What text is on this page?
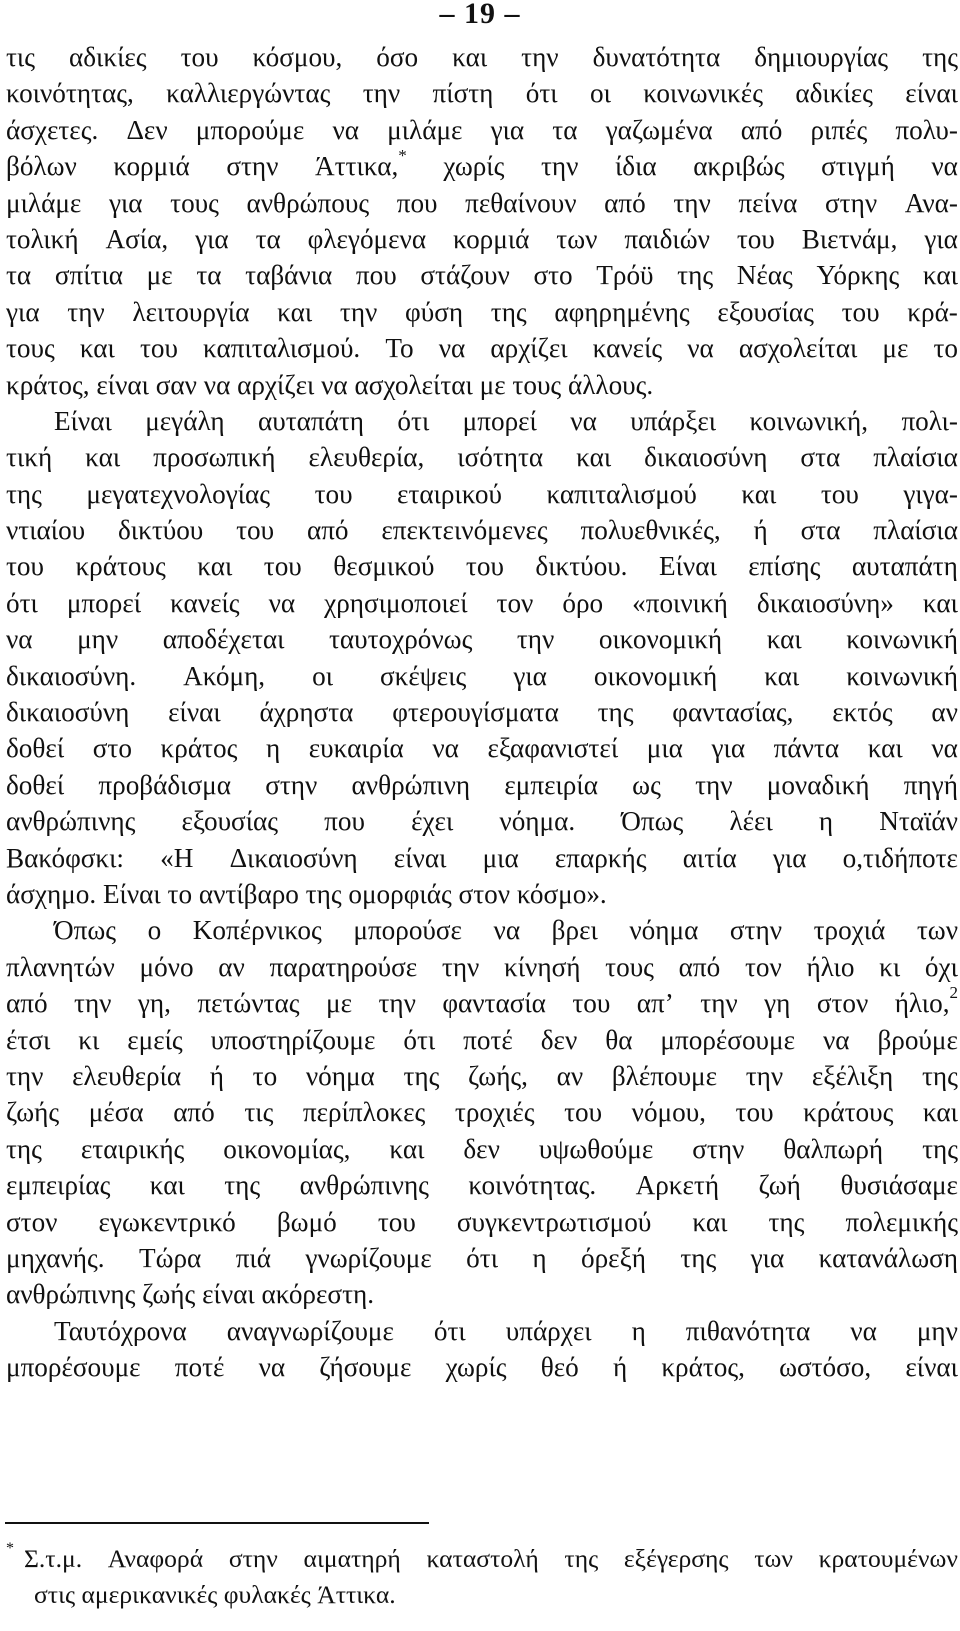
– 19 –
τις αδικίες του κόσμου, όσο και την δυνατότητα δημιουργίας της
κοινότητας, καλλιεργώντας την πίστη ότι οι κοινωνικές αδικίες είναι
άσχετες. Δεν μπορούμε να μιλάμε για τα γαζωμένα από ριπές πολυ-
βόλων κορμιά στην Άττικα,* χωρίς την ίδια ακριβώς στιγμή να
μιλάμε για τους ανθρώπους που πεθαίνουν από την πείνα στην Ανα-
τολική Ασία, για τα φλεγόμενα κορμιά των παιδιών του Βιετνάμ, για
τα σπίτια με τα ταβάνια που στάζουν στο Τρόϋ της Νέας Υόρκης και
για την λειτουργία και την φύση της αφηρημένης εξουσίας του κρά-
τους και του καπιταλισμού. Το να αρχίζει κανείς να ασχολείται με το
κράτος, είναι σαν να αρχίζει να ασχολείται με τους άλλους.
Είναι μεγάλη αυταπάτη ότι μπορεί να υπάρξει κοινωνική, πολι-
τική και προσωπική ελευθερία, ισότητα και δικαιοσύνη στα πλαίσια
της μεγατεχνολογίας του εταιρικού καπιταλισμού και του γιγα-
ντιαίου δικτύου του από επεκτεινόμενες πολυεθνικές, ή στα πλαίσια
του κράτους και του θεσμικού του δικτύου. Είναι επίσης αυταπάτη
ότι μπορεί κανείς να χρησιμοποιεί τον όρο «ποινική δικαιοσύνη» και
να μην αποδέχεται ταυτοχρόνως την οικονομική και κοινωνική
δικαιοσύνη. Ακόμη, οι σκέψεις για οικονομική και κοινωνική
δικαιοσύνη είναι άχρηστα φτερουγίσματα της φαντασίας, εκτός αν
δοθεί στο κράτος η ευκαιρία να εξαφανιστεί μια για πάντα και να
δοθεί προβάδισμα στην ανθρώπινη εμπειρία ως την μοναδική πηγή
ανθρώπινης εξουσίας που έχει νόημα. Όπως λέει η Νταϊάν
Βακόφσκι: «Η Δικαιοσύνη είναι μια επαρκής αιτία για ο,τιδήποτε
άσχημο. Είναι το αντίβαρο της ομορφιάς στον κόσμο».
Όπως ο Κοπέρνικος μπορούσε να βρει νόημα στην τροχιά των
πλανητών μόνο αν παρατηρούσε την κίνησή τους από τον ήλιο κι όχι
από την γη, πετώντας με την φαντασία του απ’ την γη στον ήλιο,$^2$
έτσι κι εμείς υποστηρίζουμε ότι ποτέ δεν θα μπορέσουμε να βρούμε
την ελευθερία ή το νόημα της ζωής, αν βλέπουμε την εξέλιξη της
ζωής μέσα από τις περίπλοκες τροχιές του νόμου, του κράτους και
της εταιρικής οικονομίας, και δεν υψωθούμε στην θαλπωρή της
εμπειρίας και της ανθρώπινης κοινότητας. Αρκετή ζωή θυσιάσαμε
στον εγωκεντρικό βωμό του συγκεντρωτισμού και της πολεμικής
μηχανής. Τώρα πιά γνωρίζουμε ότι η όρεξή της για κατανάλωση
ανθρώπινης ζωής είναι ακόρεστη.
Ταυτόχρονα αναγνωρίζουμε ότι υπάρχει η πιθανότητα να μην
μπορέσουμε ποτέ να ζήσουμε χωρίς θεό ή κράτος, ωστόσο, είναι
* Σ.τ.μ. Αναφορά στην αιματηρή καταστολή της εξέγερσης των κρατουμένων
στις αμερικανικές φυλακές Άττικα.
